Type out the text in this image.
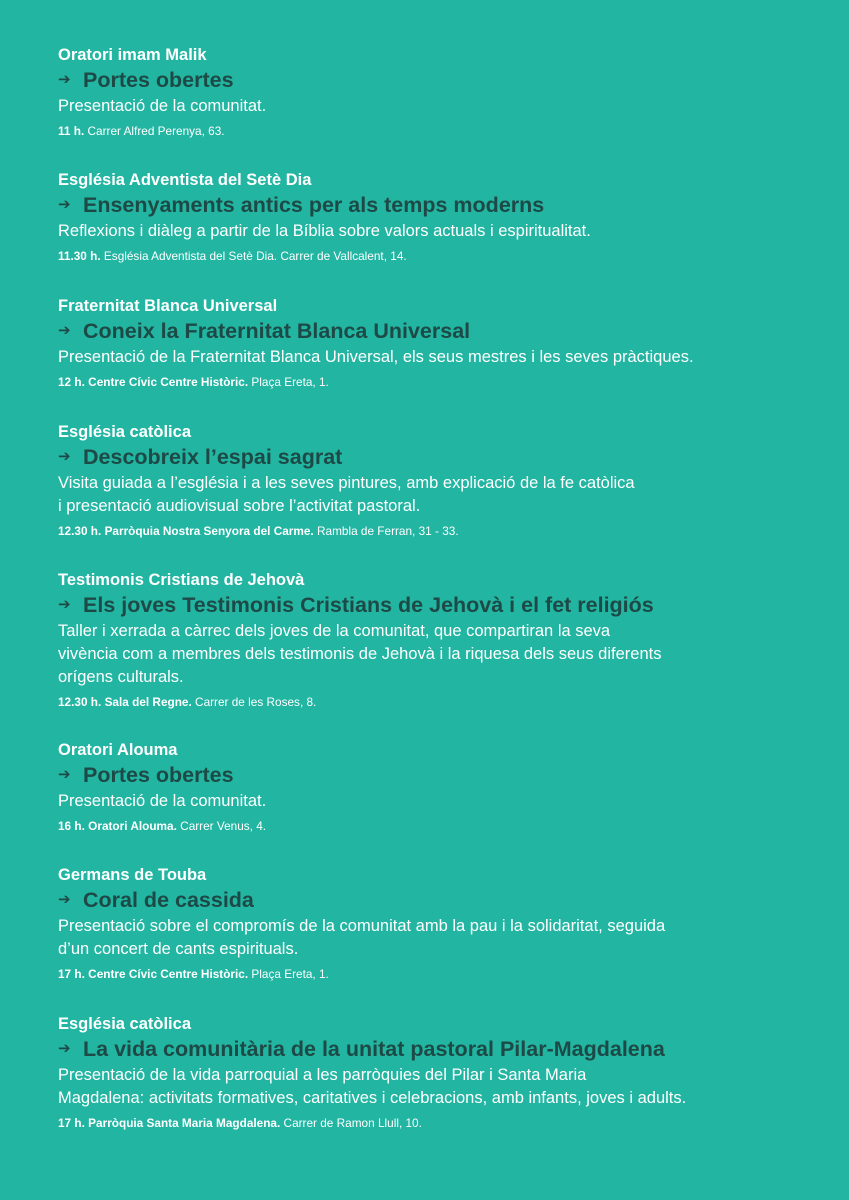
Oratori imam Malik
➔ Portes obertes
Presentació de la comunitat.
11 h. Carrer Alfred Perenya, 63.
Església Adventista del Setè Dia
➔ Ensenyaments antics per als temps moderns
Reflexions i diàleg a partir de la Bíblia sobre valors actuals i espiritualitat.
11.30 h. Església Adventista del Setè Dia. Carrer de Vallcalent, 14.
Fraternitat Blanca Universal
➔ Coneix la Fraternitat Blanca Universal
Presentació de la Fraternitat Blanca Universal, els seus mestres i les seves pràctiques.
12 h. Centre Cívic Centre Històric. Plaça Ereta, 1.
Església catòlica
➔ Descobreix l’espai sagrat
Visita guiada a l’església i a les seves pintures, amb explicació de la fe catòlica
i presentació audiovisual sobre l’activitat pastoral.
12.30 h. Parròquia Nostra Senyora del Carme. Rambla de Ferran, 31 - 33.
Testimonis Cristians de Jehovà
➔ Els joves Testimonis Cristians de Jehovà i el fet religiós
Taller i xerrada a càrrec dels joves de la comunitat, que compartiran la seva
vivència com a membres dels testimonis de Jehovà i la riquesa dels seus diferents
orígens culturals.
12.30 h. Sala del Regne. Carrer de les Roses, 8.
Oratori Alouma
➔ Portes obertes
Presentació de la comunitat.
16 h. Oratori Alouma. Carrer Venus, 4.
Germans de Touba
➔ Coral de cassida
Presentació sobre el compromís de la comunitat amb la pau i la solidaritat, seguida
d’un concert de cants espirituals.
17 h. Centre Cívic Centre Històric. Plaça Ereta, 1.
Església catòlica
➔ La vida comunitària de la unitat pastoral Pilar-Magdalena
Presentació de la vida parroquial a les parròquies del Pilar i Santa Maria
Magdalena: activitats formatives, caritatives i celebracions, amb infants, joves i adults.
17 h. Parròquia Santa Maria Magdalena. Carrer de Ramon Llull, 10.
